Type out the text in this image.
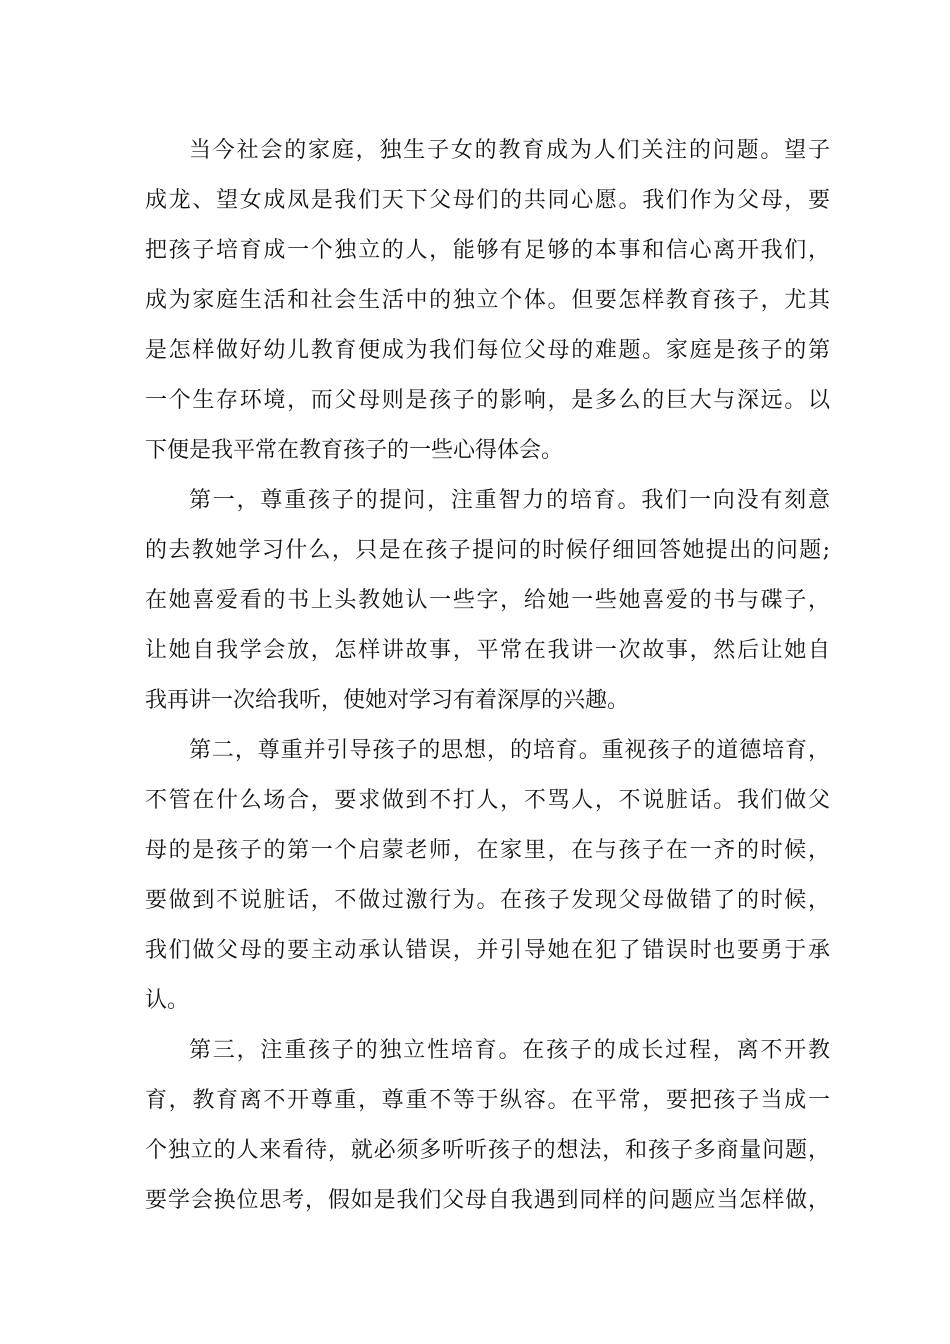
当今社会的家庭，独生子女的教育成为人们关注的问题。望子
成龙、望女成凤是我们天下父母们的共同心愿。我们作为父母，要
把孩子培育成一个独立的人，能够有足够的本事和信心离开我们，
成为家庭生活和社会生活中的独立个体。但要怎样教育孩子，尤其
是怎样做好幼儿教育便成为我们每位父母的难题。家庭是孩子的第
一个生存环境，而父母则是孩子的影响，是多么的巨大与深远。以
下便是我平常在教育孩子的一些心得体会。
第一，尊重孩子的提问，注重智力的培育。我们一向没有刻意
的去教她学习什么，只是在孩子提问的时候仔细回答她提出的问题;
在她喜爱看的书上头教她认一些字，给她一些她喜爱的书与碟子，
让她自我学会放，怎样讲故事，平常在我讲一次故事，然后让她自
我再讲一次给我听，使她对学习有着深厚的兴趣。
第二，尊重并引导孩子的思想，的培育。重视孩子的道德培育，
不管在什么场合，要求做到不打人，不骂人，不说脏话。我们做父
母的是孩子的第一个启蒙老师，在家里，在与孩子在一齐的时候，
要做到不说脏话，不做过激行为。在孩子发现父母做错了的时候，
我们做父母的要主动承认错误，并引导她在犯了错误时也要勇于承
认。
第三，注重孩子的独立性培育。在孩子的成长过程，离不开教
育，教育离不开尊重，尊重不等于纵容。在平常，要把孩子当成一
个独立的人来看待，就必须多听听孩子的想法，和孩子多商量问题，
要学会换位思考，假如是我们父母自我遇到同样的问题应当怎样做，
